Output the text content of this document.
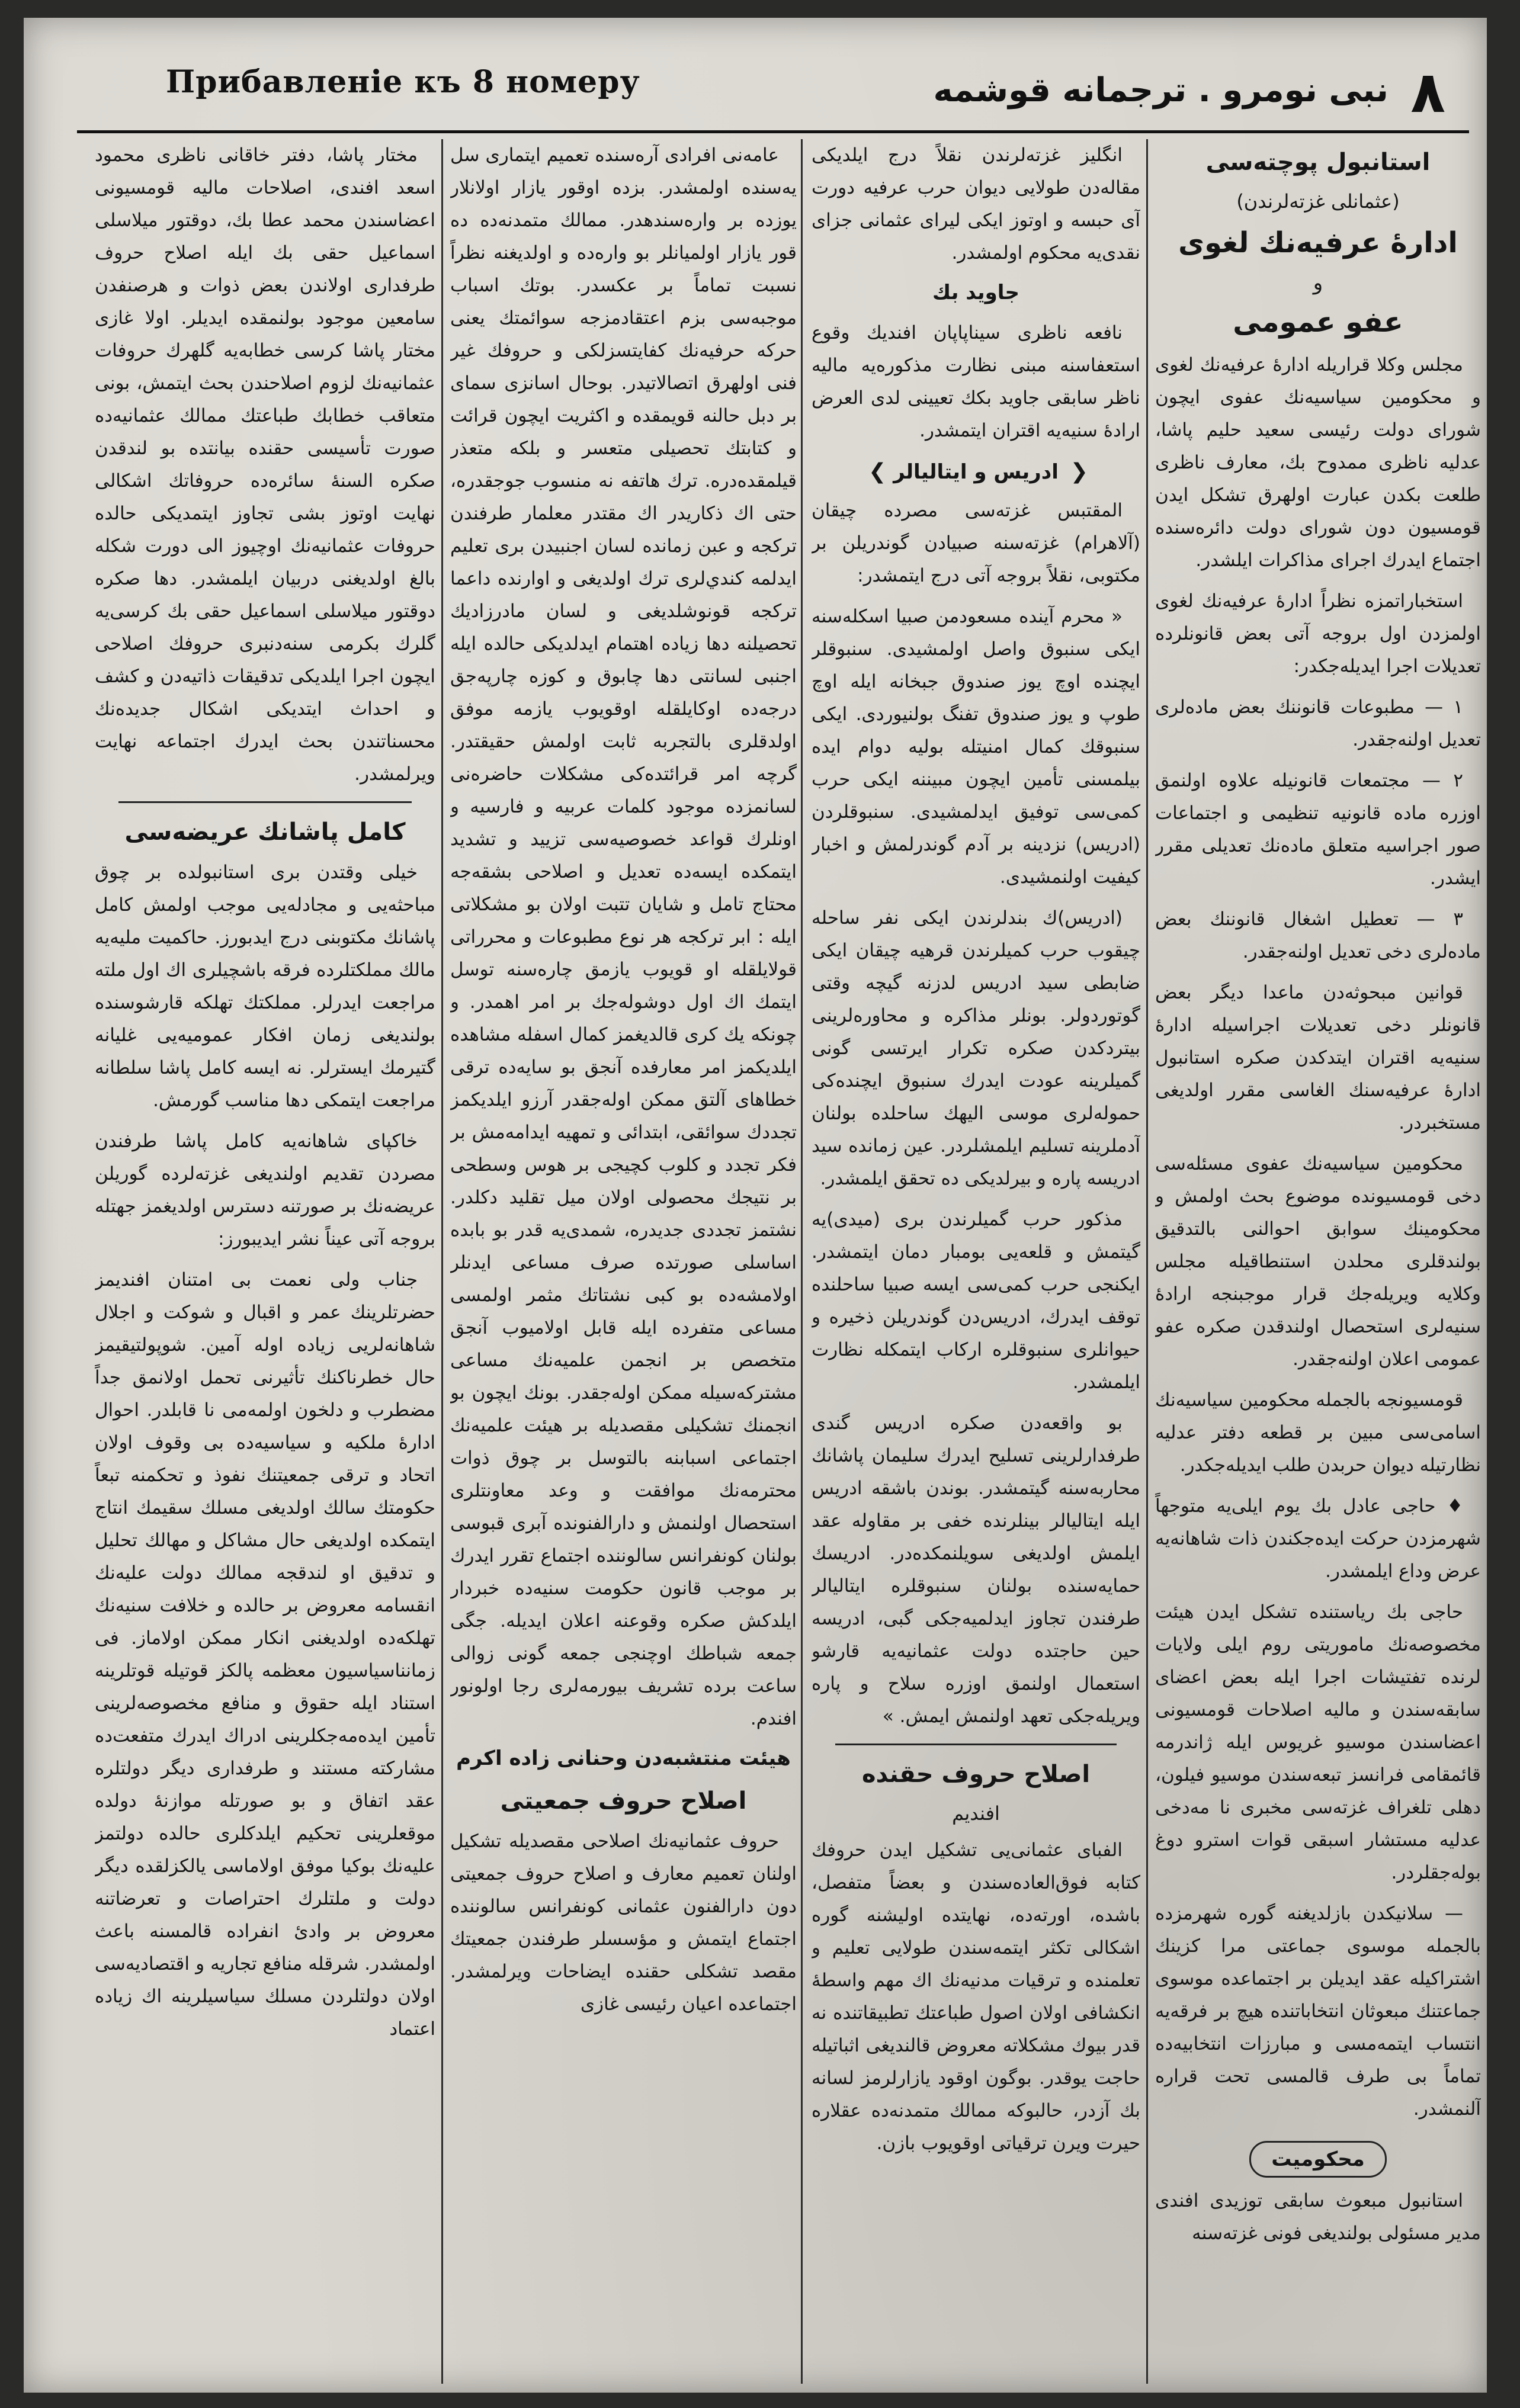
Прибавленіе къ 8 номеру	٨ نبى نومرو . ترجمانه قوشمه
استانبول پوچته‌سى
(عثمانلى غزته‌لرندن)
ادارهٔ عرفيه‌نك لغوى
و
عفو عمومى

مجلس وكلا قراريله ادارهٔ عرفيه‌نك لغوى و محكومين سياسيه‌نك عفوى ايچون شوراى دولت رئيسى سعيد حليم پاشا، عدليه ناظرى ممدوح بك، معارف ناظرى طلعت بكدن عبارت اولهرق تشكل ايدن قومسيون دون شوراى دولت دائره‌سنده اجتماع ايدرك اجراى مذاكرات ايلشدر.

استخباراتمزه نظراً ادارهٔ عرفيه‌نك لغوى اولمزدن اول بروجه آتى بعض قانونلرده تعديلات اجرا ايديله‌جكدر:

١ — مطبوعات قانوننك بعض ماده‌لرى تعديل اولنه‌جقدر.

٢ — مجتمعات قانونيله علاوه اولنمق اوزره ماده قانونيه تنظيمى و اجتماعات صور اجراسيه متعلق ماده‌نك تعديلى مقرر ايشدر.

٣ — تعطيل اشغال قانوننك بعض ماده‌لرى دخى تعديل اولنه‌جقدر.

قوانين مبحوثه‌دن ماعدا ديگر بعض قانونلر دخى تعديلات اجراسيله ادارهٔ سنيه‌يه اقتران ايتدكدن صكره استانبول ادارهٔ عرفيه‌سنك الغاسى مقرر اولديغى مستخبردر.

محكومين سياسيه‌نك عفوى مسئله‌سى دخى قومسيونده موضوع بحث اولمش و محكومينك سوابق احوالنى بالتدقيق بولندقلرى محلدن استنطاقيله مجلس وكلايه ويريله‌جك قرار موجبنجه ارادهٔ سنيه‌لرى استحصال اولندقدن صكره عفو عمومى اعلان اولنه‌جقدر.

قومسيونجه بالجمله محكومين سياسيه‌نك اسامى‌سى مبين بر قطعه دفتر عدليه نظارتيله ديوان حربدن طلب ايديله‌جكدر.

♦ حاجى عادل بك يوم ايلى‌يه متوجهاً شهرمزدن حركت ايده‌جكندن ذات شاهانه‌يه عرض وداع ايلمشدر.

حاجى بك رياستنده تشكل ايدن هيئت مخصوصه‌نك ماموريتى روم ايلى ولايات لرنده تفتيشات اجرا ايله بعض اعضاى سابقه‌سندن و ماليه اصلاحات قومسيونى اعضاسندن موسيو غريوس ايله ژاندرمه قائمقامى فرانسز تبعه‌سندن موسيو فيلون، دهلى تلغراف غزته‌سى مخبرى نا مه‌دخى عدليه مستشار اسبقى قوات استرو دوغ بوله‌جقلردر.

— سلانيكدن بازلديغنه گوره شهرمزده بالجمله موسوى جماعتى مرا كزينك اشتراكيله عقد ايديلن بر اجتماعده موسوى جماعتنك مبعوثان انتخاباتنده هيچ بر فرقه‌يه انتساب ايتمه‌مسى و مبارزات انتخابيه‌ده تماماً بى طرف قالمسى تحت قراره آلنمشدر.

محكوميت

استانبول مبعوث سابقى توزيدى افندى مدير مسئولى بولنديغى فونى غزته‌سنه

انگليز غزته‌لرندن نقلاً درج ايلديكى مقاله‌دن طولايى ديوان حرب عرفيه دورت آى حبسه و اوتوز ايكى ليراى عثمانى جزاى نقدى‌يه محكوم اولمشدر.

جاويد بك

نافعه ناظرى سيناپاپان افنديك وقوع استعفاسنه مبنى نظارت مذكوره‌يه ماليه ناظر سابقى جاويد بكك تعيينى لدى العرض ارادهٔ سنيه‌يه اقتران ايتمشدر.

❮ ادريس و ايتاليالر ❯

المقتبس غزته‌سى مصرده چيقان (آلاهرام) غزته‌سنه صبيادن گوندريلن بر مكتوبى، نقلاً بروجه آتى درج ايتمشدر:

« محرم آينده مسعودمن صبيا اسكله‌سنه ايكى سنبوق واصل اولمشيدى. سنبوقلر ايچنده اوچ يوز صندوق جبخانه ايله اوچ طوپ و يوز صندوق تفنگ بولنيوردى. ايكى سنبوقك كمال امنيتله بوليه دوام ايده بيلمسنى تأمين ايچون مبيننه ايكى حرب كمى‌سى توفيق ايدلمشيدى. سنبوقلردن (ادريس) نزدينه بر آدم گوندرلمش و اخبار كيفيت اولنمشيدى.

(ادريس)ك بندلرندن ايكى نفر ساحله چيقوب حرب كميلرندن قرهيه چيقان ايكى ضابطى سيد ادريس لدزنه گيچه وقتى گوتوردولر. بونلر مذاكره و محاوره‌لرينى بيتردكدن صكره تكرار ايرتسى گونى گميلرينه عودت ايدرك سنبوق ايچنده‌كى حموله‌لرى موسى اليهك ساحلده بولنان آدملرينه تسليم ايلمشلردر. عين زمانده سيد ادريسه پاره و بيرلديكى ده تحقق ايلمشدر.

مذكور حرب گميلرندن برى (ميدى)‌يه گيتمش و قلعه‌يى بومبار دمان ايتمشدر. ايكنجى حرب كمى‌سى ايسه صبيا ساحلنده توقف ايدرك، ادريس‌دن گوندريلن ذخيره و حيوانلرى سنبوقلره اركاب ايتمكله نظارت ايلمشدر.

بو واقعه‌دن صكره ادريس گندى طرفدارلرينى تسليح ايدرك سليمان پاشانك محاربه‌سنه گيتمشدر. بوندن باشقه ادريس ايله ايتاليالر بينلرنده خفى بر مقاوله عقد ايلمش اولديغى سويلنمكده‌در. ادريسك حمايه‌سنده بولنان سنبوقلره ايتاليالر طرفندن تجاوز ايدلميه‌جكى گبى، ادريسه حين حاجتده دولت عثمانيه‌يه قارشو استعمال اولنمق اوزره سلاح و پاره ويريله‌جكى تعهد اولنمش ايمش. »

اصلاح حروف حقنده
افنديم

الفباى عثمانى‌يى تشكيل ايدن حروفك كتابه فوق‌العاده‌سندن و بعضاً متفصل، باشده، اورته‌ده، نهايتده اوليشنه گوره اشكالى تكثر ايتمه‌سندن طولايى تعليم و تعلمنده و ترقيات مدنيه‌نك اك مهم واسطهٔ انكشافى اولان اصول طباعتك تطبيقاتنده نه قدر بيوك مشكلاته معروض قالنديغى اثباتيله حاجت يوقدر. بوگون اوقود يازارلرمز لسانه بك آزدر، حالبوكه ممالك متمدنه‌ده عقلاره حيرت ويرن ترقياتى اوقويوب بازن.

عامه‌نى افرادى آره‌سنده تعميم ايتمارى سل يه‌سنده اولمشدر. بزده اوقور يازار اولانلار يوزده بر واره‌سندهدر. ممالك متمدنه‌ده ده قور يازار اولميانلر بو واره‌ده و اولديغنه نظراً نسبت تماماً بر عكسدر. بوتك اسباب موجبه‌سى بزم اعتقادمزجه سوائمتك يعنى حركه حرفيه‌نك كفايتسزلكى و حروفك غير فنى اولهرق اتصالاتيدر. بوحال اسانزى سماى بر دبل حالنه قويمقده و اكثريت ايچون قرائت و كتابتك تحصيلى متعسر و بلكه متعذر قيلمقده‌دره. ترك هاتفه نه منسوب جوجقدره، حتى اك ذكاريدر اك مقتدر معلمار طرفندن تركجه و عبن زمانده لسان اجنبيدن برى تعليم ايدلمه كندي‌لرى ترك اولديغى و اوارنده داعما تركجه قونوشلديغى و لسان مادرزاديك تحصيلنه دها زياده اهتمام ايدلديكى حالده ايله اجنبى لسانتى دها چابوق و كوزه چارپه‌جق درجه‌ده اوكايلقله اوقويوب يازمه موفق اولدقلرى بالتجربه ثابت اولمش حقيقتدر. گرچه امر قرائتده‌كى مشكلات حاضره‌نى لسانمزده موجود كلمات عربيه و فارسيه و اونلرك قواعد خصوصيه‌سى تزييد و تشديد ايتمكده ايسه‌ده تعديل و اصلاحى بشقه‌جه محتاج تامل و شايان تتبت اولان بو مشكلاتى ايله : ابر تركجه هر نوع مطبوعات و محرراتى قولايلقله او قويوب يازمق چاره‌سنه توسل ايتمك اك اول دوشوله‌جك بر امر اهمدر. و چونكه يك كرى قالديغمز كمال اسفله مشاهده ايلديكمز امر معارفده آنجق بو سايه‌ده ترقى خطاهاى آلتق ممكن اوله‌جقدر آرزو ايلديكمز تجددك سوائقى، ابتدائى و تمهيه ايدامه‌مش بر فكر تجدد و كلوب كچيجى بر هوس وسطحى بر نتيجك محصولى اولان ميل تقليد دكلدر. نشتمز تجددى جديدره، شمدى‌يه قدر بو بابده اساسلى صورتده صرف مساعى ايدنلر اولامشه‌ده بو كبى نشتاتك مثمر اولمسى مساعى متفرده ايله قابل اولاميوب آنجق متخصص بر انجمن علميه‌نك مساعى مشتركه‌سيله ممكن اوله‌جقدر. بونك ايچون بو انجمنك تشكيلى مقصديله بر هيئت علميه‌نك اجتماعى اسبابنه بالتوسل بر چوق ذوات محترمه‌نك موافقت و وعد معاونتلرى استحصال اولنمش و دارالفنونده آبرى قبوسى بولنان كونفرانس سالوننده اجتماع تقرر ايدرك بر موجب قانون حكومت سنيه‌ده خبردار ايلدكش صكره وقوعنه اعلان ايديله. جگى جمعه شباطك اوچنجى جمعه گونى زوالى ساعت برده تشريف بيورمه‌لرى رجا اولونور افندم.

هيئت منتشبه‌دن وحنانى زاده اكرم
اصلاح حروف جمعيتى

حروف عثمانيه‌نك اصلاحى مقصديله تشكيل اولنان تعميم معارف و اصلاح حروف جمعيتى دون دارالفنون عثمانى كونفرانس سالوننده اجتماع ايتمش و مؤسسلر طرفندن جمعيتك مقصد تشكلى حقنده ايضاحات ويرلمشدر. اجتماعده اعيان رئيسى غازى

مختار پاشا، دفتر خاقانى ناظرى محمود اسعد افندى، اصلاحات ماليه قومسيونى اعضاسندن محمد عطا بك، دوقتور ميلاسلى اسماعيل حقى بك ايله اصلاح حروف طرفدارى اولاندن بعض ذوات و هرصنفدن سامعين موجود بولنمقده ايديلر. اولا غازى مختار پاشا كرسى خطابه‌يه گلهرك حروفات عثمانيه‌نك لزوم اصلاحندن بحث ايتمش، بونى متعاقب خطابك طباعتك ممالك عثمانيه‌ده صورت تأسيسى حقنده بيانتده بو لندقدن صكره السنهٔ سائره‌ده حروفاتك اشكالى نهايت اوتوز بشى تجاوز ايتمديكى حالده حروفات عثمانيه‌نك اوچيوز الى دورت شكله بالغ اولديغنى دربيان ايلمشدر. دها صكره دوقتور ميلاسلى اسماعيل حقى بك كرسى‌يه گلرك بكرمى سنه‌دنبرى حروفك اصلاحى ايچون اجرا ايلديكى تدقيقات ذاتيه‌دن و كشف و احداث ايتديكى اشكال جديده‌نك محسناتندن بحث ايدرك اجتماعه نهايت ويرلمشدر.

كامل پاشانك عريضه‌سى

خيلى وقتدن برى استانبولده بر چوق مباحثه‌يى و مجادله‌يى موجب اولمش كامل پاشانك مكتوبنى درج ايدبورز. حاكميت مليه‌يه مالك مملكتلرده فرقه باشچيلرى اك اول ملته مراجعت ايدرلر. مملكتك تهلكه قارشوسنده بولنديغى زمان افكار عموميه‌يى غليانه گتيرمك ايسترلر. نه ايسه كامل پاشا سلطانه مراجعت ايتمكى دها مناسب گورمش.

خاكپاى شاهانه‌يه كامل پاشا طرفندن مصردن تقديم اولنديغى غزته‌لرده گوريلن عريضه‌نك بر صورتنه دسترس اولديغمز جهتله بروجه آتى عيناً نشر ايديبورز:

جناب ولى نعمت بى امتنان افنديمز حضرتلرينك عمر و اقبال و شوكت و اجلال شاهانه‌لريى زياده اوله آمين. شوپولتيقيمز حال خطرناكنك تأثيرنى تحمل اولانمق جداً مضطرب و دلخون اولمه‌مى نا قابلدر. احوال ادارهٔ ملكيه و سياسيه‌ده بى وقوف اولان اتحاد و ترقى جمعيتنك نفوذ و تحكمنه تبعاً حكومتك سالك اولديغى مسلك سقيمك انتاج ايتمكده اولديغى حال مشاكل و مهالك تحليل و تدقيق او لندقجه ممالك دولت عليه‌نك انقسامه معروض بر حالده و خلافت سنيه‌نك تهلكه‌ده اولديغنى انكار ممكن اولاماز. فى زمانناسياسيون معظمه پالكز قوتيله قوتلرينه استناد ايله حقوق و منافع مخصوصه‌لرينى تأمين ايده‌مه‌جكلرينى ادراك ايدرك متفعت‌ده مشاركته مستند و طرفدارى ديگر دولتلره عقد اتفاق و بو صورتله موازنهٔ دولده موقعلرينى تحكيم ايلدكلرى حالده دولتمز عليه‌نك بوكيا موفق اولاماسى يالكزلقده ديگر دولت و ملتلرك احتراصات و تعرضاتنه معروض بر وادئ انفراده قالمسنه باعث اولمشدر. شرقله منافع تجاريه و اقتصاديه‌سى اولان دولتلردن مسلك سياسيلرينه اك زياده اعتماد
